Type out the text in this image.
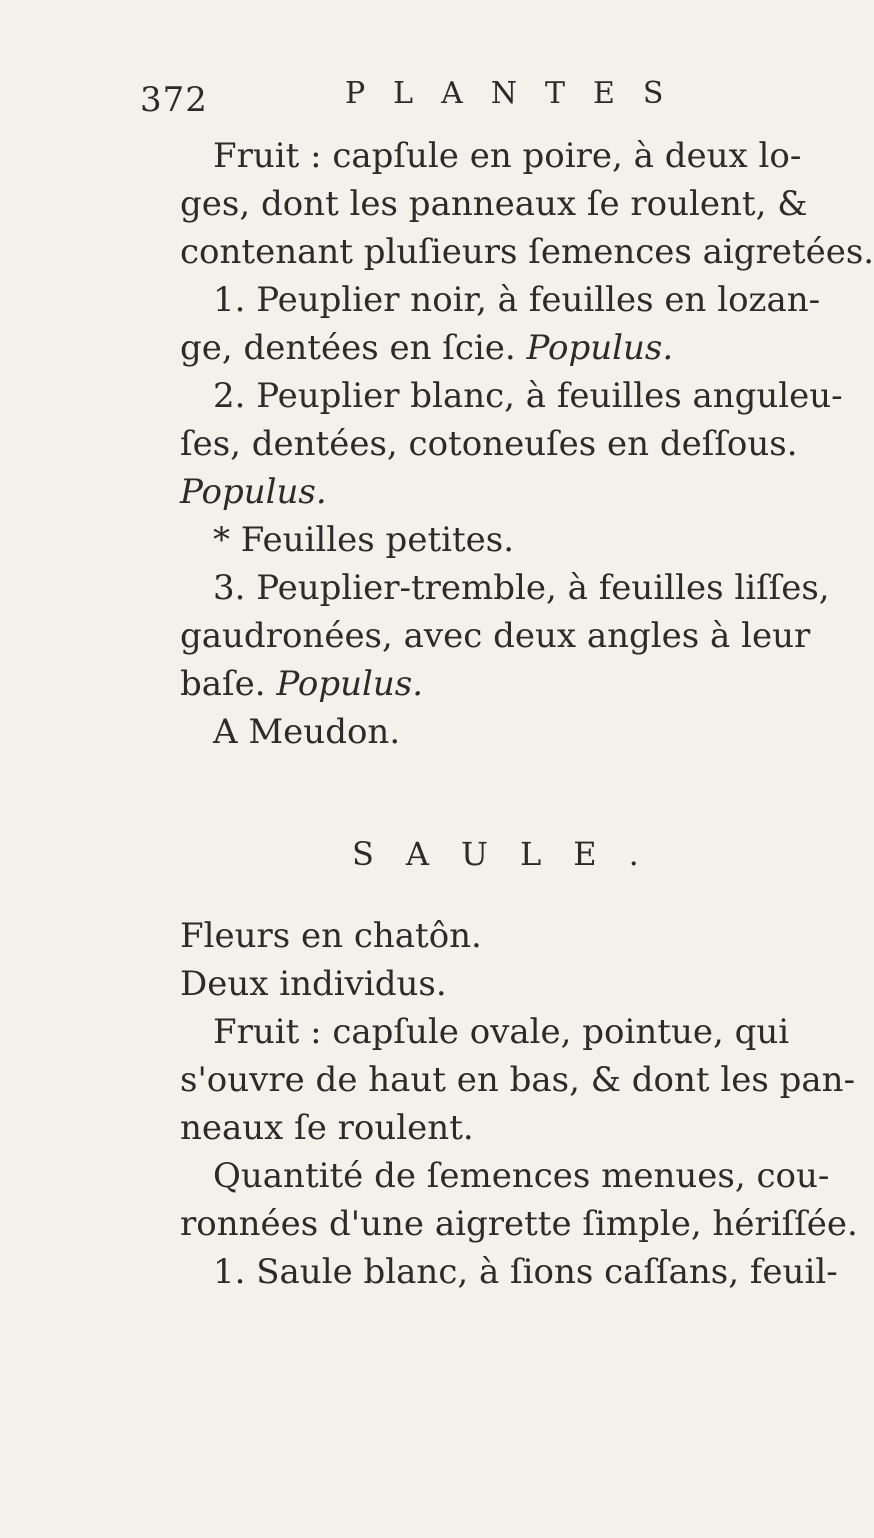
372	PLANTES
Fruit : capſule en poire, à deux lo-
ges, dont les panneaux ſe roulent, &
contenant pluſieurs ſemences aigretées.
1. Peuplier noir, à feuilles en lozan-
ge, dentées en ſcie. Populus.
2. Peuplier blanc, à feuilles anguleu-
ſes, dentées, cotoneuſes en deſſous.
Populus.
* Feuilles petites.
3. Peuplier-tremble, à feuilles liſſes,
gaudronées, avec deux angles à leur
baſe. Populus.
A Meudon.
SAULE.
Fleurs en chatôn.
Deux individus.
Fruit : capſule ovale, pointue, qui
s'ouvre de haut en bas, & dont les pan-
neaux ſe roulent.
Quantité de ſemences menues, cou-
ronnées d'une aigrette ſimple, hériſſée.
1. Saule blanc, à ſions caſſans, feuil-
